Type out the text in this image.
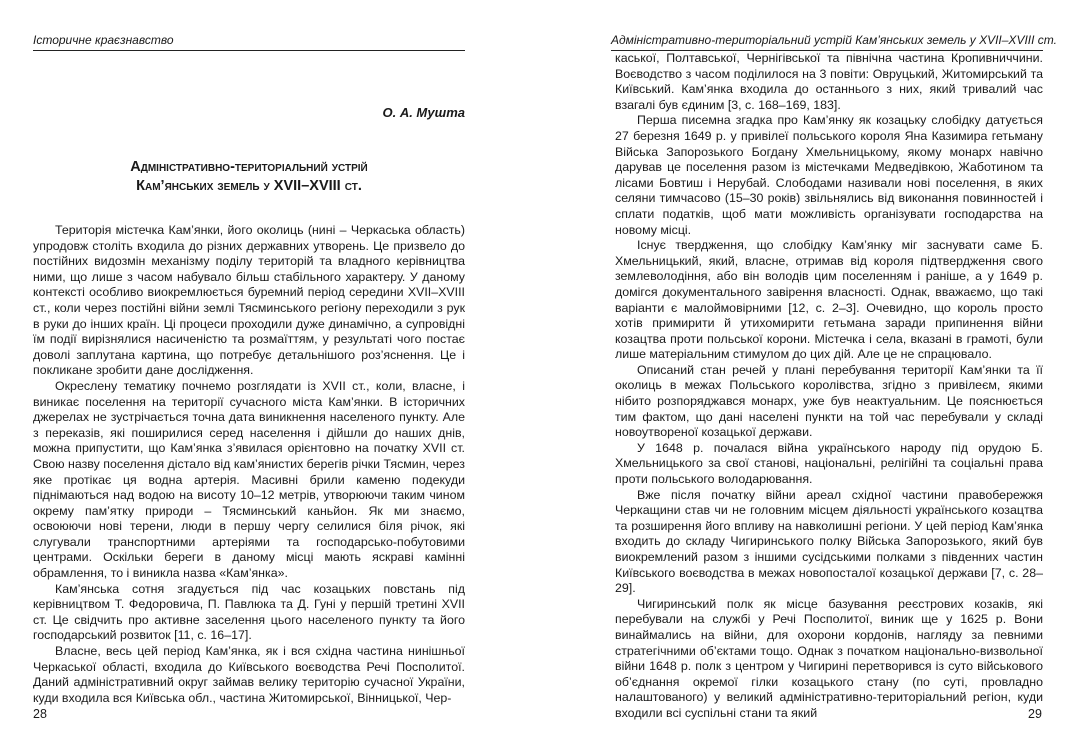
Історичне краєзнавство
О. А. Мушта
Адміністративно-територіальний устрій
Кам’янських земель у XVII–XVIII ст.

Територія містечка Кам’янки, його околиць (нині – Черкаська область) упродовж століть входила до різних державних утворень. Це призвело до постійних видозмін механізму поділу територій та владного керівництва ними, що лише з часом набувало більш стабільного характеру. У даному контексті особливо виокремлюється буремний період середини XVII–XVIII ст., коли через постійні війни землі Тясминського регіону переходили з рук в руки до інших країн. Ці процеси проходили дуже динамічно, а супровідні їм події вирізнялися насиченістю та розмаїттям, у результаті чого постає доволі заплутана картина, що потребує детальнішого роз’яснення. Це і покликане зробити дане дослідження.

Окреслену тематику почнемо розглядати із XVII ст., коли, власне, і виникає поселення на території сучасного міста Кам’янки. В історичних джерелах не зустрічається точна дата виникнення населеного пункту. Але з переказів, які поширилися серед населення і дійшли до наших днів, можна припустити, що Кам’янка з’явилася орієнтовно на початку XVII ст. Свою назву поселення дістало від кам’янистих берегів річки Тясмин, через яке протікає ця водна артерія. Масивні брили каменю подекуди піднімаються над водою на висоту 10–12 метрів, утворюючи таким чином окрему пам’ятку природи – Тясминський каньйон. Як ми знаємо, освоюючи нові терени, люди в першу чергу селилися біля річок, які слугували транспортними артеріями та господарсько-побутовими центрами. Оскільки береги в даному місці мають яскраві камінні обрамлення, то і виникла назва «Кам’янка».

Кам’янська сотня згадується під час козацьких повстань під керівництвом Т. Федоровича, П. Павлюка та Д. Гуні у першій третині XVII ст. Це свідчить про активне заселення цього населеного пункту та його господарський розвиток [11, с. 16–17].

Власне, весь цей період Кам’янка, як і вся східна частина нинішньої Черкаської області, входила до Київського воєводства Речі Посполитої. Даний адміністративний округ займав велику територію сучасної України, куди входила вся Київська обл., частина Житомирської, Вінницької, Чер-

28
Адміністративно-територіальний устрій Кам’янських земель у XVII–XVIII ст.

каської, Полтавської, Чернігівської та північна частина Кропивниччини. Воєводство з часом поділилося на 3 повіти: Овруцький, Житомирський та Київський. Кам’янка входила до останнього з них, який тривалий час взагалі був єдиним [3, с. 168–169, 183].

Перша писемна згадка про Кам’янку як козацьку слобідку датується 27 березня 1649 р. у привілеї польського короля Яна Казимира гетьману Війська Запорозького Богдану Хмельницькому, якому монарх навічно дарував це поселення разом із містечками Медведівкою, Жаботином та лісами Бовтиш і Нерубай. Слободами називали нові поселення, в яких селяни тимчасово (15–30 років) звільнялись від виконання повинностей і сплати податків, щоб мати можливість організувати господарства на новому місці.

Існує твердження, що слобідку Кам’янку міг заснувати саме Б. Хмельницький, який, власне, отримав від короля підтвердження свого землеволодіння, або він володів цим поселенням і раніше, а у 1649 р. домігся документального завірення власності. Однак, вважаємо, що такі варіанти є малоймовірними [12, с. 2–3]. Очевидно, що король просто хотів примирити й утихомирити гетьмана заради припинення війни козацтва проти польської корони. Містечка і села, вказані в грамоті, були лише матеріальним стимулом до цих дій. Але це не спрацювало.

Описаний стан речей у плані перебування території Кам’янки та її околиць в межах Польського королівства, згідно з привілеєм, якими нібито розпоряджався монарх, уже був неактуальним. Це пояснюється тим фактом, що дані населені пункти на той час перебували у складі новоутвореної козацької держави.

У 1648 р. почалася війна українського народу під орудою Б. Хмельницького за свої станові, національні, релігійні та соціальні права проти польського володарювання.

Вже після початку війни ареал східної частини правобережжя Черкащини став чи не головним місцем діяльності українського козацтва та розширення його впливу на навколишні регіони. У цей період Кам’янка входить до складу Чигиринського полку Війська Запорозького, який був виокремлений разом з іншими сусідськими полками з південних частин Київського воєводства в межах новопосталої козацької держави [7, с. 28–29].

Чигиринський полк як місце базування реєстрових козаків, які перебували на службі у Речі Посполитої, виник ще у 1625 р. Вони винаймались на війни, для охорони кордонів, нагляду за певними стратегічними об’єктами тощо. Однак з початком національно-визвольної війни 1648 р. полк з центром у Чигирині перетворився із суто військового об’єднання окремої гілки козацького стану (по суті, провладно налаштованого) у великий адміністративно-територіальний регіон, куди входили всі суспільні стани та який	29
